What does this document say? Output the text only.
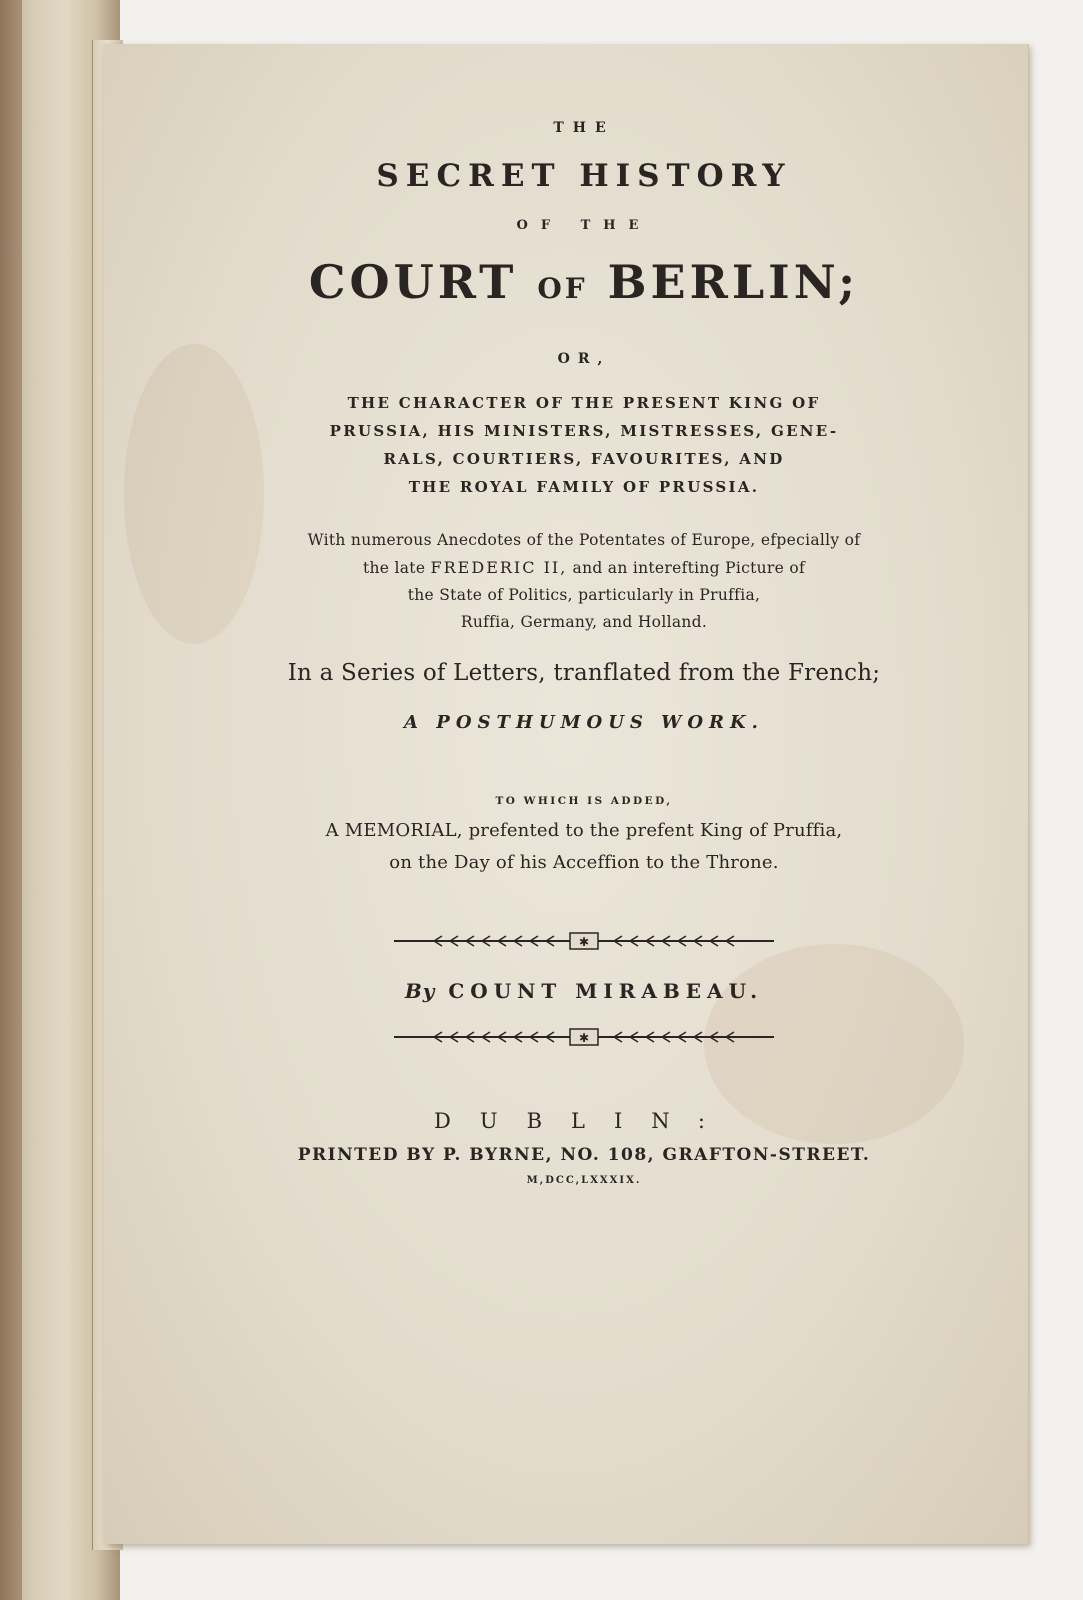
THE
SECRET HISTORY
OF THE
COURT OF BERLIN;
OR,
THE CHARACTER OF THE PRESENT KING OF
PRUSSIA, HIS MINISTERS, MISTRESSES, GENE-
RALS, COURTIERS, FAVOURITES, AND
THE ROYAL FAMILY OF PRUSSIA.
With numerous Anecdotes of the Potentates of Europe, efpecially of
the late FREDERIC II, and an interefting Picture of
the State of Politics, particularly in Pruffia,
Ruffia, Germany, and Holland.
In a Series of Letters, tranflated from the French;
A POSTHUMOUS WORK.
TO WHICH IS ADDED,
A MEMORIAL, prefented to the prefent King of Pruffia,
on the Day of his Acceffion to the Throne.
✱
By COUNT MIRABEAU.
✱
DUBLIN:
PRINTED BY P. BYRNE, NO. 108, GRAFTON-STREET.
M,DCC,LXXXIX.
